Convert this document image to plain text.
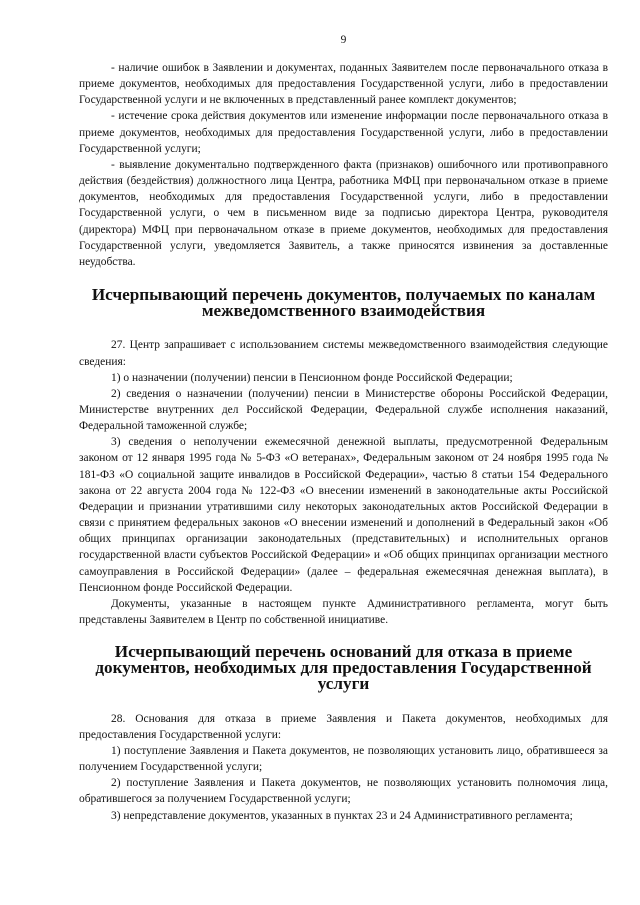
9

- наличие ошибок в Заявлении и документах, поданных Заявителем после первоначального отказа в приеме документов, необходимых для предоставления Государственной услуги, либо в предоставлении Государственной услуги и не включенных в представленный ранее комплект документов;

- истечение срока действия документов или изменение информации после первоначального отказа в приеме документов, необходимых для предоставления Государственной услуги, либо в предоставлении Государственной услуги;

- выявление документально подтвержденного факта (признаков) ошибочного или противоправного действия (бездействия) должностного лица Центра, работника МФЦ при первоначальном отказе в приеме документов, необходимых для предоставления Государственной услуги, либо в предоставлении Государственной услуги, о чем в письменном виде за подписью директора Центра, руководителя (директора) МФЦ при первоначальном отказе в приеме документов, необходимых для предоставления Государственной услуги, уведомляется Заявитель, а также приносятся извинения за доставленные неудобства.

Исчерпывающий перечень документов, получаемых по каналам
межведомственного взаимодействия

27. Центр запрашивает с использованием системы межведомственного взаимодействия следующие сведения:

1) о назначении (получении) пенсии в Пенсионном фонде Российской Федерации;

2) сведения о назначении (получении) пенсии в Министерстве обороны Российской Федерации, Министерстве внутренних дел Российской Федерации, Федеральной службе исполнения наказаний, Федеральной таможенной службе;

3) сведения о неполучении ежемесячной денежной выплаты, предусмотренной Федеральным законом от 12 января 1995 года № 5-ФЗ «О ветеранах», Федеральным законом от 24 ноября 1995 года № 181-ФЗ «О социальной защите инвалидов в Российской Федерации», частью 8 статьи 154 Федерального закона от 22 августа 2004 года № 122-ФЗ «О внесении изменений в законодательные акты Российской Федерации и признании утратившими силу некоторых законодательных актов Российской Федерации в связи с принятием федеральных законов «О внесении изменений и дополнений в Федеральный закон «Об общих принципах организации законодательных (представительных) и исполнительных органов государственной власти субъектов Российской Федерации» и «Об общих принципах организации местного самоуправления в Российской Федерации» (далее – федеральная ежемесячная денежная выплата), в Пенсионном фонде Российской Федерации.

Документы, указанные в настоящем пункте Административного регламента, могут быть представлены Заявителем в Центр по собственной инициативе.

Исчерпывающий перечень оснований для отказа в приеме
документов, необходимых для предоставления Государственной услуги

28. Основания для отказа в приеме Заявления и Пакета документов, необходимых для предоставления Государственной услуги:

1) поступление Заявления и Пакета документов, не позволяющих установить лицо, обратившееся за получением Государственной услуги;

2) поступление Заявления и Пакета документов, не позволяющих установить полномочия лица, обратившегося за получением Государственной услуги;

3) непредставление документов, указанных в пунктах 23 и 24 Административного регламента;
